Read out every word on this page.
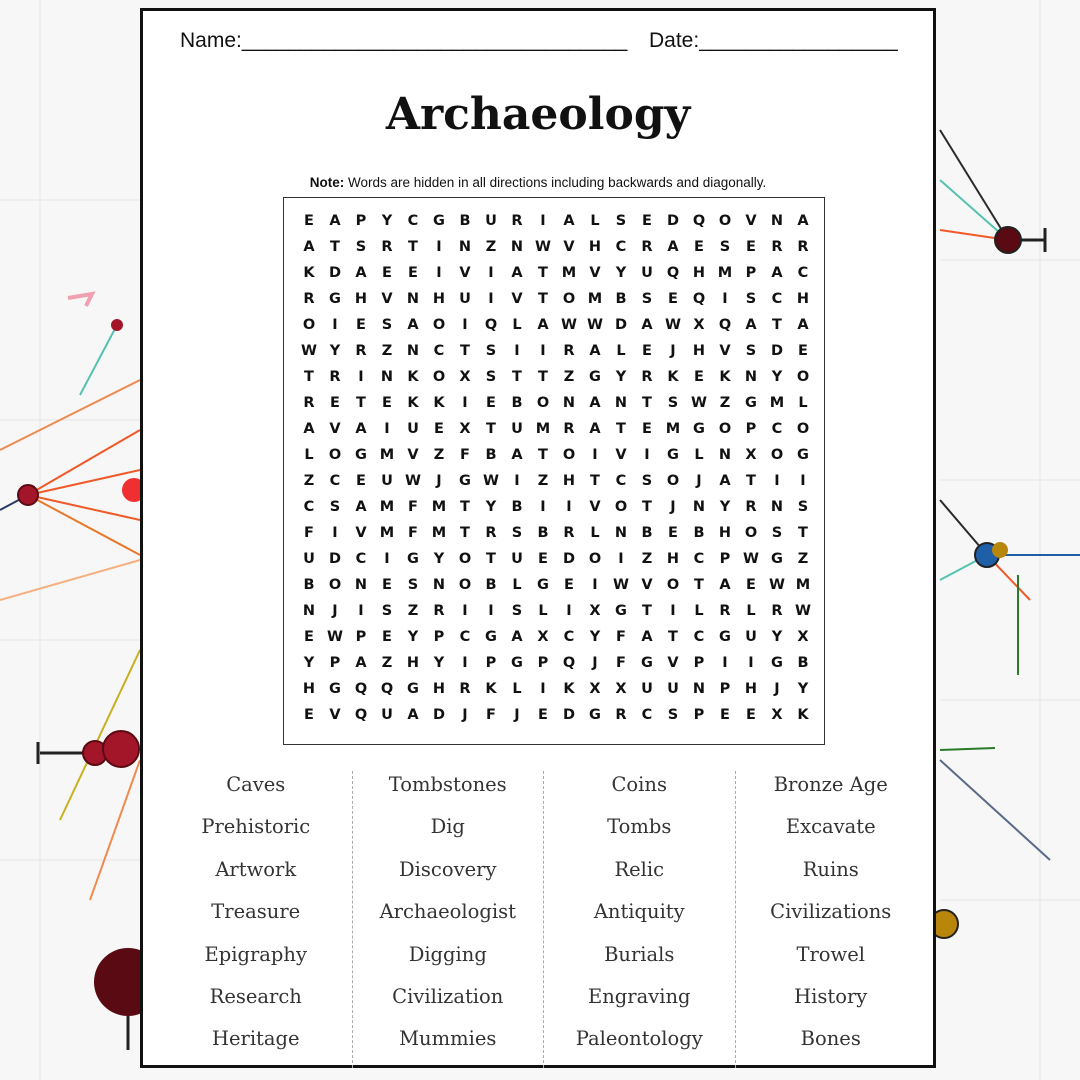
Name:_________________________________ Date:_________________
Archaeology
Note: Words are hidden in all directions including backwards and diagonally.
E	A	P	Y	C	G	B	U	R	I	A	L	S	E	D Q O V N A
A	T	S	R	T	I	N	Z	N W V H	C	R	A	E	S	E	R	R
K D A	E	E	I	V	I	A	T M V	Y	U Q H M P	A	C
R G H V N H U	I	V	T	O M B	S	E	Q	I	S	C	H
O	I	E	S	A O	I	Q	L	A W W D A W X Q A	T	A
W Y	R	Z	N	C	T	S	I	I	R	A	L	E	J	H V	S	D	E
T	R	I	N K O X	S	T	T	Z	G	Y	R	K	E	K N	Y	O
R	E	T	E	K	K	I	E	B O N A N	T	S W Z	G M L
A	V	A	I	U	E	X	T	U M R	A	T	E M G O	P	C	O
L	O G M V	Z	F	B	A	T	O	I	V	I	G	L	N X O G
Z	C	E	U W	J	G W	I	Z	H	T	C	S	O	J	A	T	I	I
C	S	A M F M T	Y	B	I	I	V O	T	J	N	Y	R N	S
F	I	V M F M T	R	S	B	R	L	N B	E	B H O	S	T
U D	C	I	G	Y	O	T	U	E	D O	I	Z	H	C	P W G	Z
B O N	E	S	N O B	L	G	E	I	W V O	T	A	E W M
N	J	I	S	Z	R	I	I	S	L	I	X G	T	I	L	R	L	R W
E W P	E	Y	P	C	G A	X	C	Y	F	A	T	C	G U	Y	X
Y	P	A	Z	H	Y	I	P	G	P	Q	J	F	G V	P	I	I	G	B
H G Q Q G H R	K	L	I	K	X	X	U U N	P	H	J	Y
E	V Q U A D	J	F	J	E	D G R	C	S	P	E	E	X	K
Caves
Prehistoric
Artwork
Treasure
Epigraphy
Research
Heritage
Tombstones
Dig
Discovery
Archaeologist
Digging
Civilization
Mummies
Coins
Tombs
Relic
Antiquity
Burials
Engraving
Paleontology
Bronze Age
Excavate
Ruins
Civilizations
Trowel
History
Bones
